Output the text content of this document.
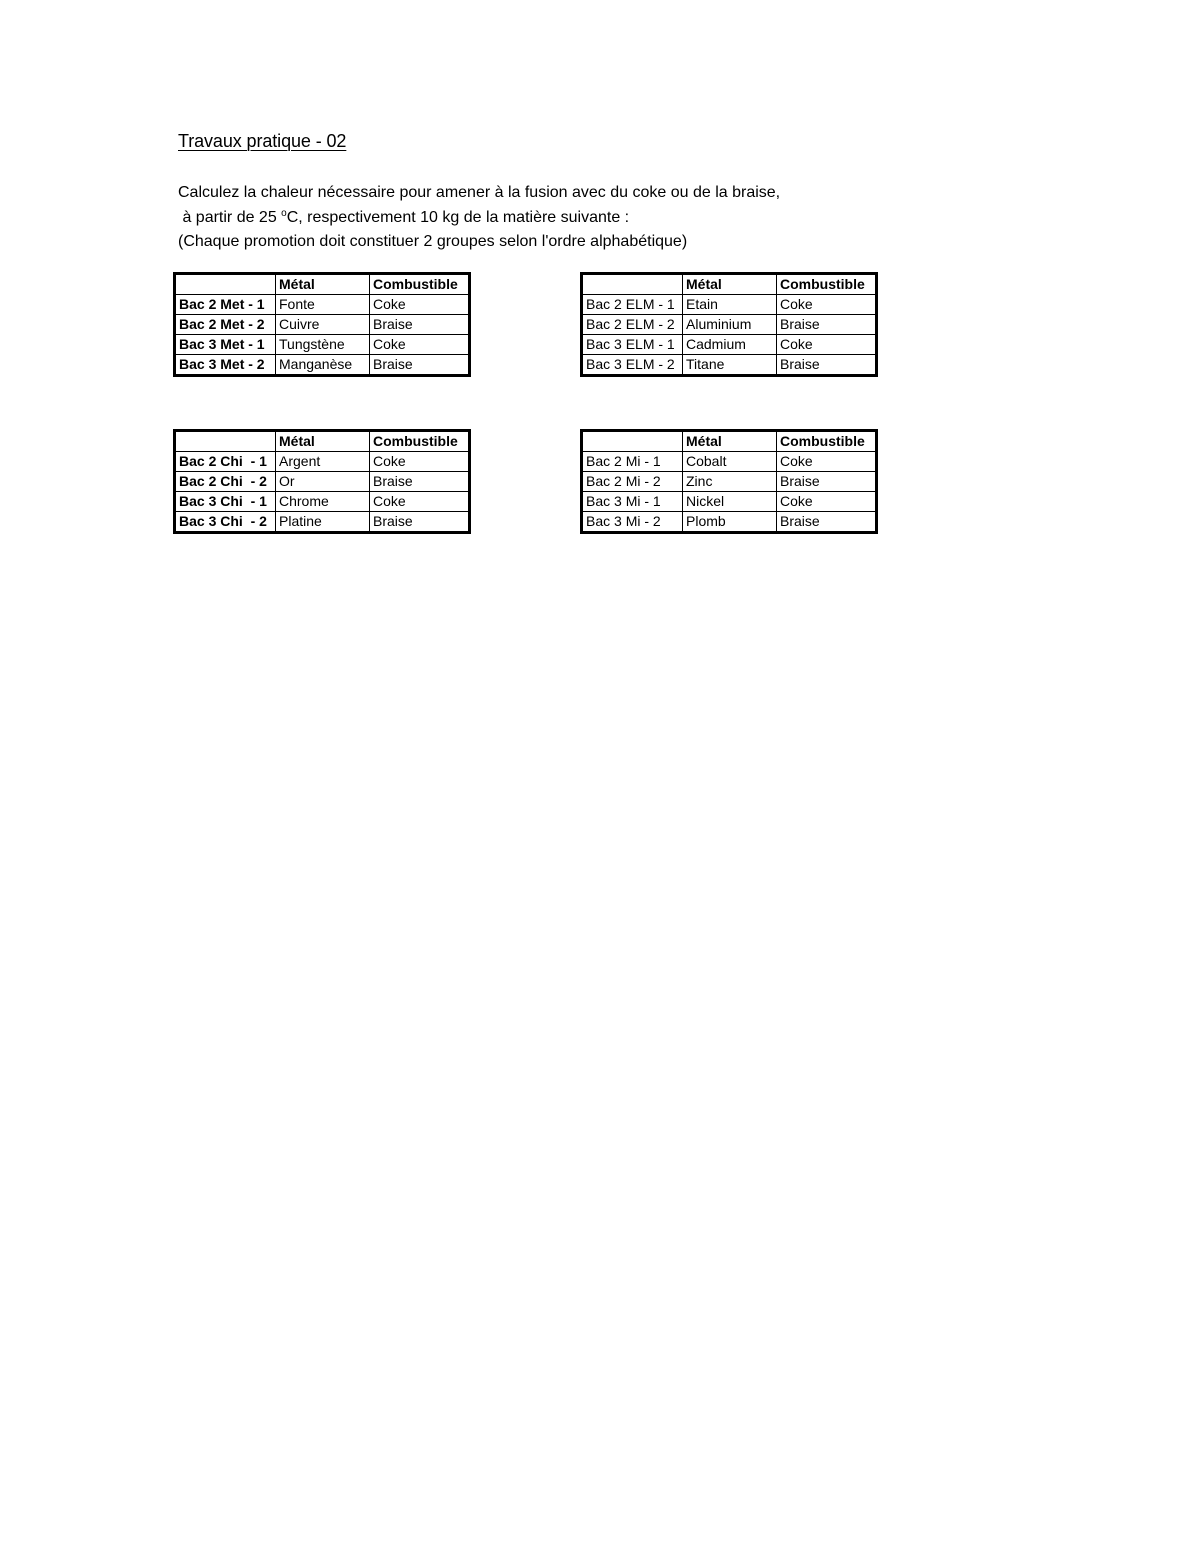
Travaux pratique - 02
Calculez la chaleur nécessaire pour amener à la fusion avec du coke ou de la braise,
à partir de 25 $^o$C, respectivement 10 kg de la matière suivante :
(Chaque promotion doit constituer 2 groupes selon l'ordre alphabétique)
	Métal	Combustible
Bac 2 Met - 1	Fonte	Coke
Bac 2 Met - 2	Cuivre	Braise
Bac 3 Met - 1	Tungstène	Coke
Bac 3 Met - 2	Manganèse	Braise
	Métal	Combustible
Bac 2 ELM - 1	Etain	Coke
Bac 2 ELM - 2	Aluminium	Braise
Bac 3 ELM - 1	Cadmium	Coke
Bac 3 ELM - 2	Titane	Braise
	Métal	Combustible
Bac 2 Chi  - 1	Argent	Coke
Bac 2 Chi  - 2	Or	Braise
Bac 3 Chi  - 1	Chrome	Coke
Bac 3 Chi  - 2	Platine	Braise
	Métal	Combustible
Bac 2 Mi - 1	Cobalt	Coke
Bac 2 Mi - 2	Zinc	Braise
Bac 3 Mi - 1	Nickel	Coke
Bac 3 Mi - 2	Plomb	Braise
